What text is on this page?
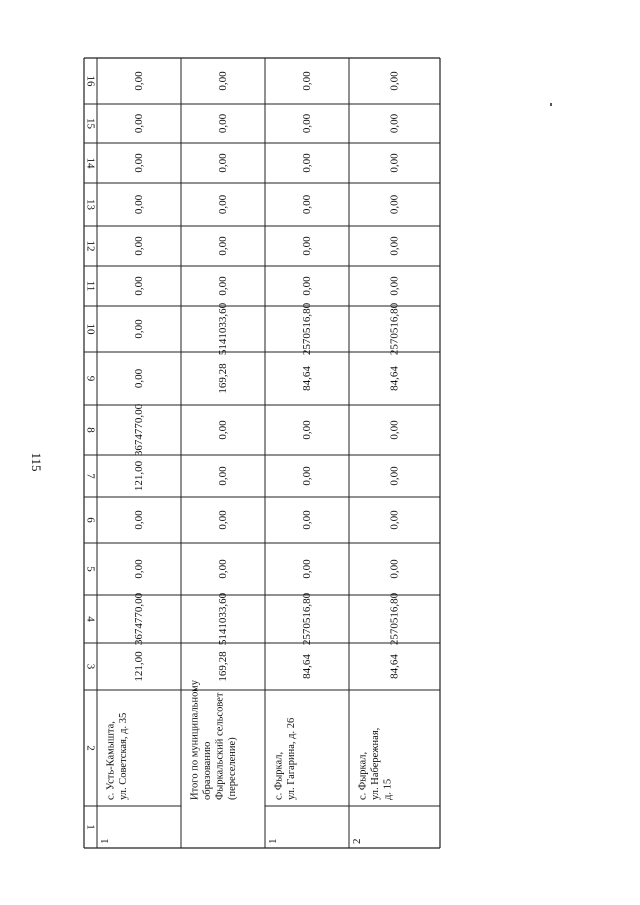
115
1
2
3
4
5
6
7
8
9
10
11
12
13
14
15
16
121,00
3674770,00
0,00
0,00
121,00
3674770,00
0,00
0,00
0,00
0,00
0,00
0,00
0,00
0,00
с. Усть-Камышта, ул. Советская, д. 35
1
169,28
5141033,60
0,00
0,00
0,00
0,00
169,28
5141033,60
0,00
0,00
0,00
0,00
0,00
0,00
Итого по муниципальному образованию Фыркальский сельсовет (переселение)
84,64
2570516,80
0,00
0,00
0,00
0,00
84,64
2570516,80
0,00
0,00
0,00
0,00
0,00
0,00
с. Фыркал, ул. Гагарина, д. 26
1
84,64
2570516,80
0,00
0,00
0,00
0,00
84,64
2570516,80
0,00
0,00
0,00
0,00
0,00
0,00
с. Фыркал, ул. Набережная, д. 15
2
